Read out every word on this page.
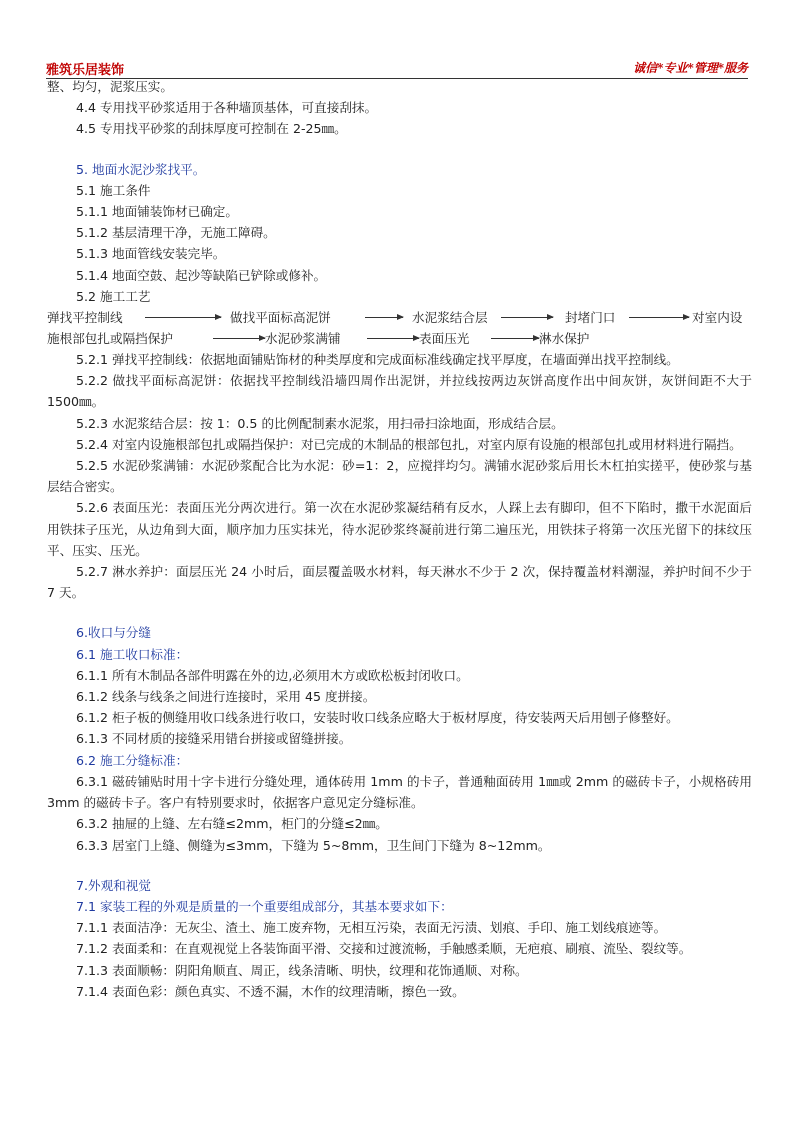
雅筑乐居装饰	诚信*专业*管理*服务
整、均匀，泥浆压实。
4.4 专用找平砂浆适用于各种墙顶基体，可直接刮抹。
4.5 专用找平砂浆的刮抹厚度可控制在 2-25㎜。
5. 地面水泥沙浆找平。
5.1 施工条件
5.1.1 地面铺装饰材已确定。
5.1.2 基层清理干净，无施工障碍。
5.1.3 地面管线安装完毕。
5.1.4 地面空鼓、起沙等缺陷已铲除或修补。
5.2 施工工艺
弹找平控制线	做找平面标高泥饼	水泥浆结合层	封堵门口	对室内设
施根部包扎或隔挡保护	水泥砂浆满铺	表面压光	淋水保护
5.2.1 弹找平控制线：依据地面铺贴饰材的种类厚度和完成面标准线确定找平厚度，在墙面弹出找平控制线。
5.2.2 做找平面标高泥饼：依据找平控制线沿墙四周作出泥饼，并拉线按两边灰饼高度作出中间灰饼，灰饼间距不大于 1500㎜。
5.2.3 水泥浆结合层：按 1：0.5 的比例配制素水泥浆，用扫帚扫涂地面，形成结合层。
5.2.4 对室内设施根部包扎或隔挡保护：对已完成的木制品的根部包扎，对室内原有设施的根部包扎或用材料进行隔挡。
5.2.5 水泥砂浆满铺：水泥砂浆配合比为水泥：砂=1：2，应搅拌均匀。满铺水泥砂浆后用长木杠拍实搓平，使砂浆与基层结合密实。
5.2.6 表面压光：表面压光分两次进行。第一次在水泥砂浆凝结稍有反水，人踩上去有脚印，但不下陷时，撒干水泥面后用铁抹子压光，从边角到大面，顺序加力压实抹光，待水泥砂浆终凝前进行第二遍压光，用铁抹子将第一次压光留下的抹纹压平、压实、压光。
5.2.7 淋水养护：面层压光 24 小时后，面层覆盖吸水材料，每天淋水不少于 2 次，保持覆盖材料潮湿，养护时间不少于 7 天。
6.收口与分缝
6.1 施工收口标准：
6.1.1 所有木制品各部件明露在外的边,必须用木方或欧松板封闭收口。
6.1.2 线条与线条之间进行连接时，采用 45 度拼接。
6.1.2 柜子板的侧缝用收口线条进行收口，安装时收口线条应略大于板材厚度，待安装两天后用刨子修整好。
6.1.3 不同材质的接缝采用错台拼接或留缝拼接。
6.2 施工分缝标准：
6.3.1 磁砖铺贴时用十字卡进行分缝处理，通体砖用 1mm 的卡子，普通釉面砖用 1㎜或 2mm 的磁砖卡子，小规格砖用 3mm 的磁砖卡子。客户有特别要求时，依据客户意见定分缝标准。
6.3.2 抽屉的上缝、左右缝≤2mm，柜门的分缝≤2㎜。
6.3.3 居室门上缝、侧缝为≤3mm，下缝为 5~8mm，卫生间门下缝为 8~12mm。
7.外观和视觉
7.1 家装工程的外观是质量的一个重要组成部分，其基本要求如下：
7.1.1 表面洁净：无灰尘、渣土、施工废弃物，无相互污染，表面无污渍、划痕、手印、施工划线痕迹等。
7.1.2 表面柔和：在直观视觉上各装饰面平滑、交接和过渡流畅，手触感柔顺，无疤痕、刷痕、流坠、裂纹等。
7.1.3 表面顺畅：阴阳角顺直、周正，线条清晰、明快，纹理和花饰通顺、对称。
7.1.4 表面色彩：颜色真实、不透不漏，木作的纹理清晰，擦色一致。
